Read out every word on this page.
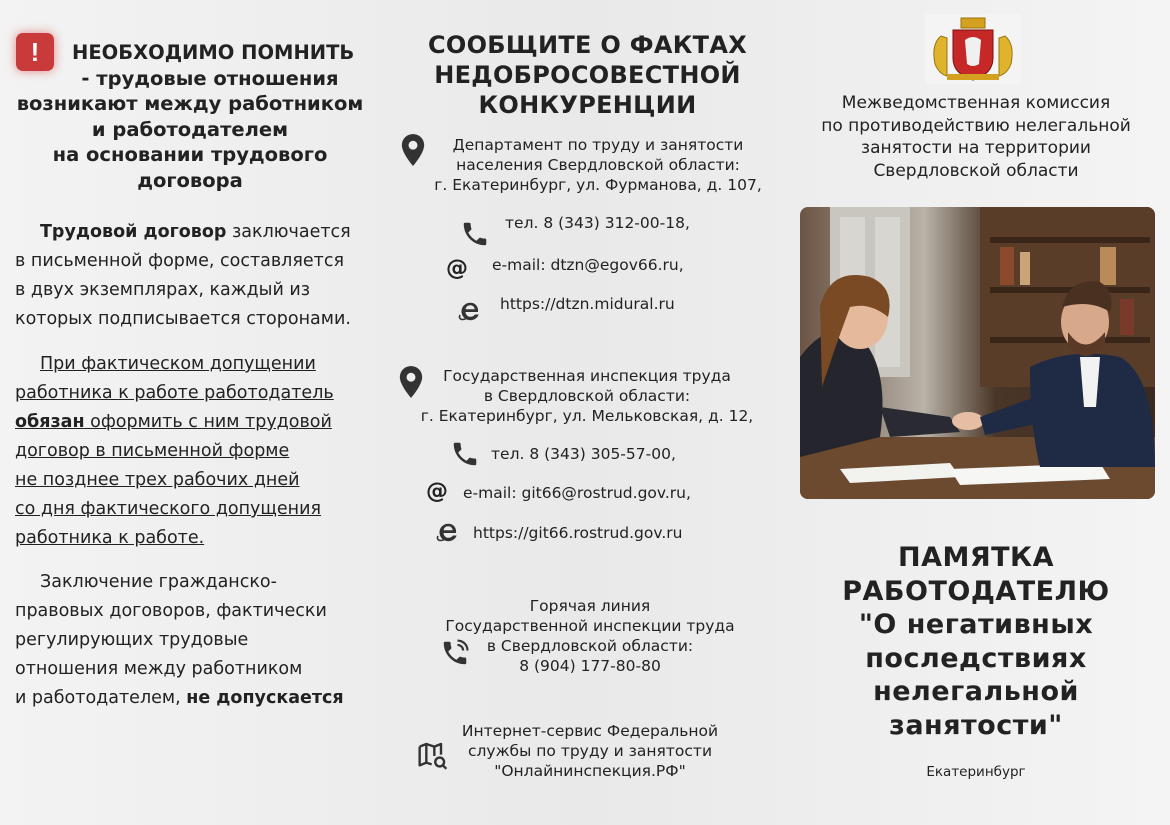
!	НЕОБХОДИМО ПОМНИТЬ
- трудовые отношения
возникают между работником
и работодателем
на основании трудового
договора
Трудовой договор заключается
в письменной форме, составляется
в двух экземплярах, каждый из
которых подписывается сторонами.
При фактическом допущении
работника к работе работодатель
обязан оформить с ним трудовой
договор в письменной форме
не позднее трех рабочих дней
со дня фактического допущения
работника к работе.
Заключение гражданско-
правовых договоров, фактически
регулирующих трудовые
отношения между работником
и работодателем, не допускается
СООБЩИТЕ О ФАКТАХ
НЕДОБРОСОВЕСТНОЙ
КОНКУРЕНЦИИ
Департамент по труду и занятости
населения Свердловской области:
г. Екатеринбург, ул. Фурманова, д. 107,
тел. 8 (343) 312-00-18,
@ e-mail: dtzn@egov66.ru,
https://dtzn.midural.ru
Государственная инспекция труда
в Свердловской области:
г. Екатеринбург, ул. Мельковская, д. 12,
тел. 8 (343) 305-57-00,
@ e-mail: git66@rostrud.gov.ru,
https://git66.rostrud.gov.ru
Горячая линия
Государственной инспекции труда
в Свердловской области:
8 (904) 177-80-80
Интернет-сервис Федеральной
службы по труду и занятости
"Онлайнинспекция.РФ"
Межведомственная комиссия
по противодействию нелегальной
занятости на территории
Свердловской области
ПАМЯТКА
РАБОТОДАТЕЛЮ
"О негативных
последствиях
нелегальной
занятости"
Екатеринбург
